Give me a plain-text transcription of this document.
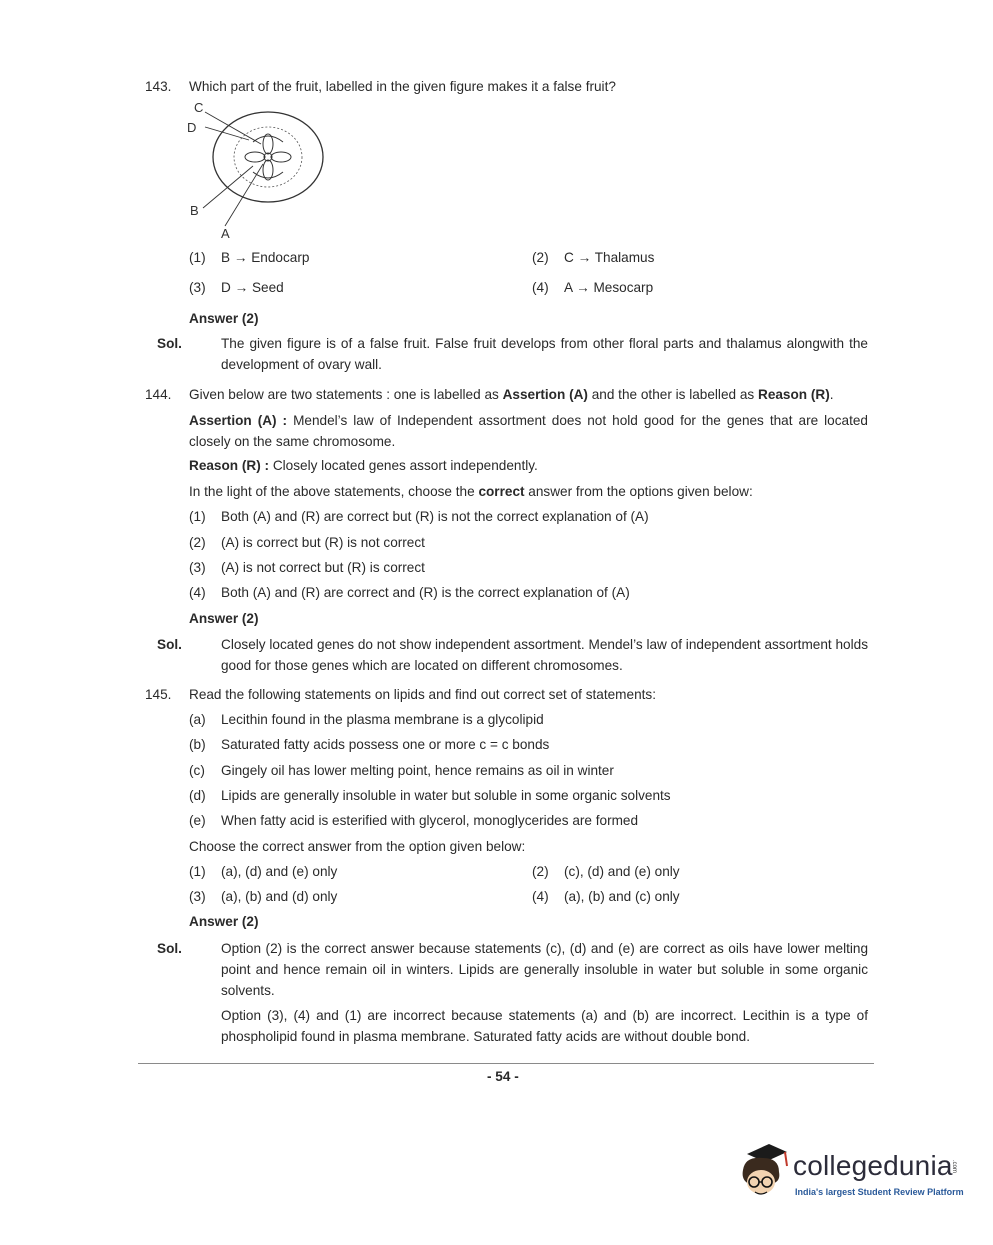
143. Which part of the fruit, labelled in the given figure makes it a false fruit?
C
D
B
A
(1) B → Endocarp	(2) C → Thalamus
(3) D → Seed	(4) A → Mesocarp
Answer (2)
Sol.	The given figure is of a false fruit. False fruit develops from other floral parts and thalamus alongwith the development of ovary wall.
144. Given below are two statements : one is labelled as Assertion (A) and the other is labelled as Reason (R).
Assertion (A) : Mendel’s law of Independent assortment does not hold good for the genes that are located closely on the same chromosome.
Reason (R) : Closely located genes assort independently.
In the light of the above statements, choose the correct answer from the options given below:
(1) Both (A) and (R) are correct but (R) is not the correct explanation of (A)
(2) (A) is correct but (R) is not correct
(3) (A) is not correct but (R) is correct
(4) Both (A) and (R) are correct and (R) is the correct explanation of (A)
Answer (2)
Sol.	Closely located genes do not show independent assortment. Mendel’s law of independent assortment holds good for those genes which are located on different chromosomes.
145. Read the following statements on lipids and find out correct set of statements:
(a) Lecithin found in the plasma membrane is a glycolipid
(b) Saturated fatty acids possess one or more c = c bonds
(c) Gingely oil has lower melting point, hence remains as oil in winter
(d) Lipids are generally insoluble in water but soluble in some organic solvents
(e) When fatty acid is esterified with glycerol, monoglycerides are formed
Choose the correct answer from the option given below:
(1) (a), (d) and (e) only	(2) (c), (d) and (e) only
(3) (a), (b) and (d) only	(4) (a), (b) and (c) only
Answer (2)
Sol.	Option (2) is the correct answer because statements (c), (d) and (e) are correct as oils have lower melting point and hence remain oil in winters. Lipids are generally insoluble in water but soluble in some organic solvents.
Option (3), (4) and (1) are incorrect because statements (a) and (b) are incorrect. Lecithin is a type of phospholipid found in plasma membrane. Saturated fatty acids are without double bond.
- 54 -
collegedunia
.com
India's largest Student Review Platform
